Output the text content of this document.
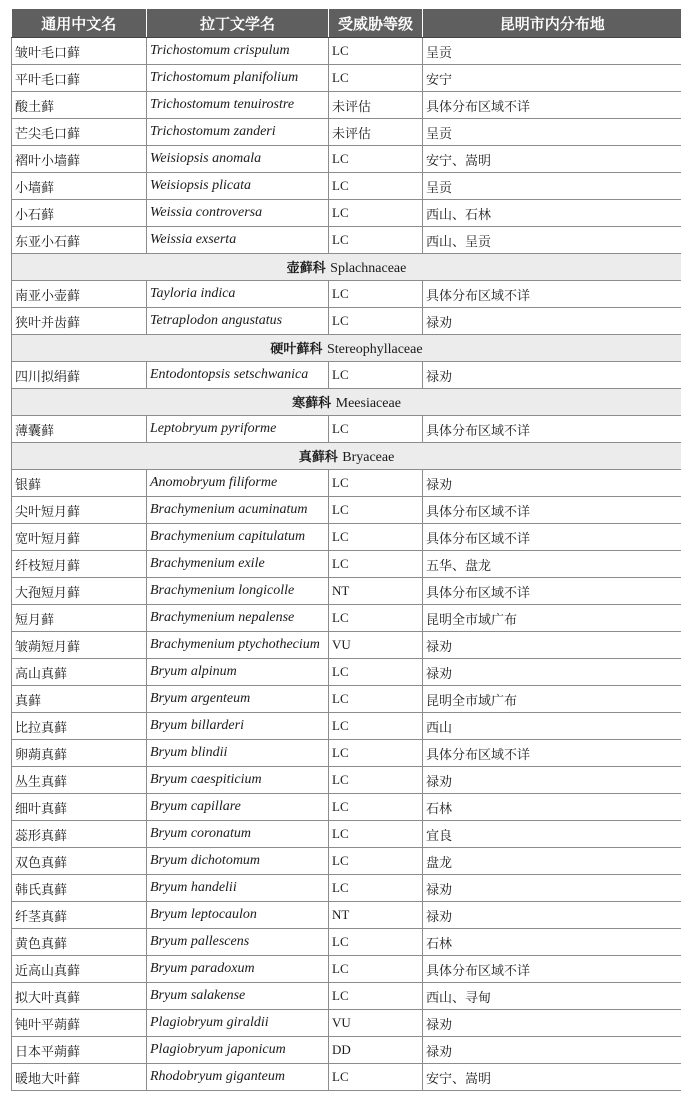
通用中文名	拉丁文学名	受威胁等级	昆明市内分布地
皱叶毛口藓	Trichostomum crispulum	LC	呈贡
平叶毛口藓	Trichostomum planifolium	LC	安宁
酸土藓	Trichostomum tenuirostre	未评估	具体分布区域不详
芒尖毛口藓	Trichostomum zanderi	未评估	呈贡
褶叶小墙藓	Weisiopsis anomala	LC	安宁、嵩明
小墙藓	Weisiopsis plicata	LC	呈贡
小石藓	Weissia controversa	LC	西山、石林
东亚小石藓	Weissia exserta	LC	西山、呈贡
壶藓科 Splachnaceae			
南亚小壶藓	Tayloria indica	LC	具体分布区域不详
狭叶并齿藓	Tetraplodon angustatus	LC	禄劝
硬叶藓科 Stereophyllaceae			
四川拟绢藓	Entodontopsis setschwanica	LC	禄劝
寒藓科 Meesiaceae			
薄囊藓	Leptobryum pyriforme	LC	具体分布区域不详
真藓科 Bryaceae			
银藓	Anomobryum filiforme	LC	禄劝
尖叶短月藓	Brachymenium acuminatum	LC	具体分布区域不详
宽叶短月藓	Brachymenium capitulatum	LC	具体分布区域不详
纤枝短月藓	Brachymenium exile	LC	五华、盘龙
大孢短月藓	Brachymenium longicolle	NT	具体分布区域不详
短月藓	Brachymenium nepalense	LC	昆明全市域广布
皱蒴短月藓	Brachymenium ptychothecium	VU	禄劝
高山真藓	Bryum alpinum	LC	禄劝
真藓	Bryum argenteum	LC	昆明全市域广布
比拉真藓	Bryum billarderi	LC	西山
卵蒴真藓	Bryum blindii	LC	具体分布区域不详
丛生真藓	Bryum caespiticium	LC	禄劝
细叶真藓	Bryum capillare	LC	石林
蕊形真藓	Bryum coronatum	LC	宜良
双色真藓	Bryum dichotomum	LC	盘龙
韩氏真藓	Bryum handelii	LC	禄劝
纤茎真藓	Bryum leptocaulon	NT	禄劝
黄色真藓	Bryum pallescens	LC	石林
近高山真藓	Bryum paradoxum	LC	具体分布区域不详
拟大叶真藓	Bryum salakense	LC	西山、寻甸
钝叶平蒴藓	Plagiobryum giraldii	VU	禄劝
日本平蒴藓	Plagiobryum japonicum	DD	禄劝
暖地大叶藓	Rhodobryum giganteum	LC	安宁、嵩明
